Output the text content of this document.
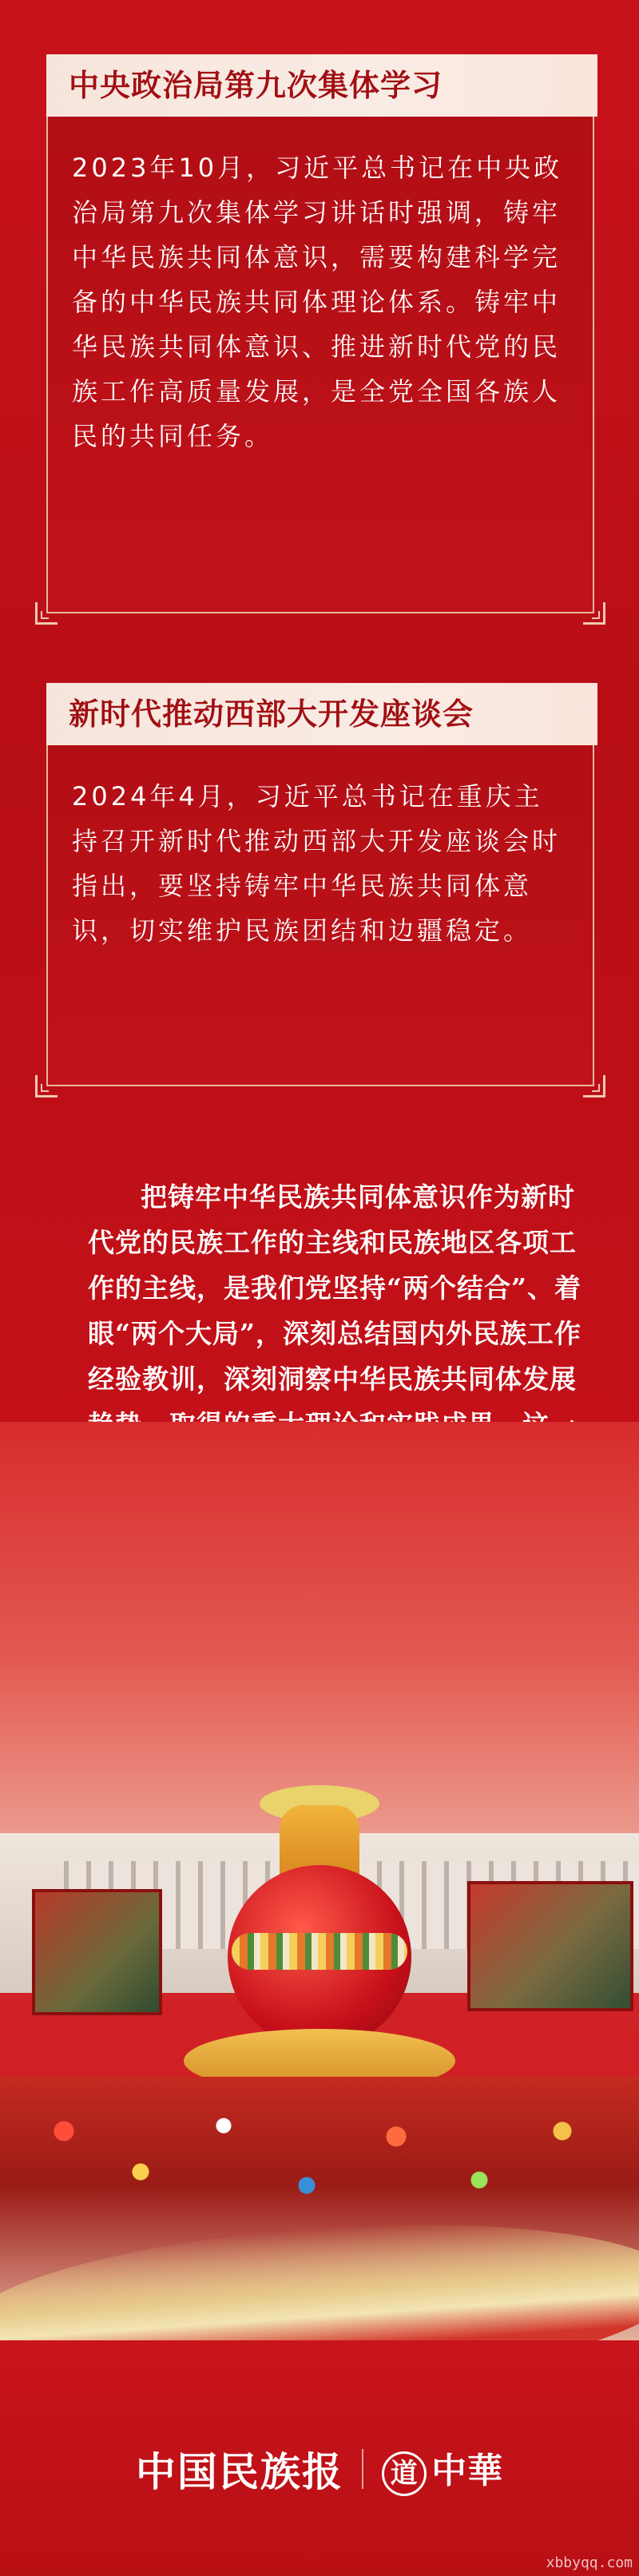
中央政治局第九次集体学习
2023年10月，习近平总书记在中央政治局第九次集体学习讲话时强调，铸牢中华民族共同体意识，需要构建科学完备的中华民族共同体理论体系。铸牢中华民族共同体意识、推进新时代党的民族工作高质量发展，是全党全国各族人民的共同任务。
新时代推动西部大开发座谈会
2024年4月，习近平总书记在重庆主持召开新时代推动西部大开发座谈会时指出，要坚持铸牢中华民族共同体意识，切实维护民族团结和边疆稳定。
把铸牢中华民族共同体意识作为新时代党的民族工作的主线和民族地区各项工作的主线，是我们党坚持“两个结合”、着眼“两个大局”，深刻总结国内外民族工作经验教训，深刻洞察中华民族共同体发展
中国民族报 道 中華
xbbyqq.com
